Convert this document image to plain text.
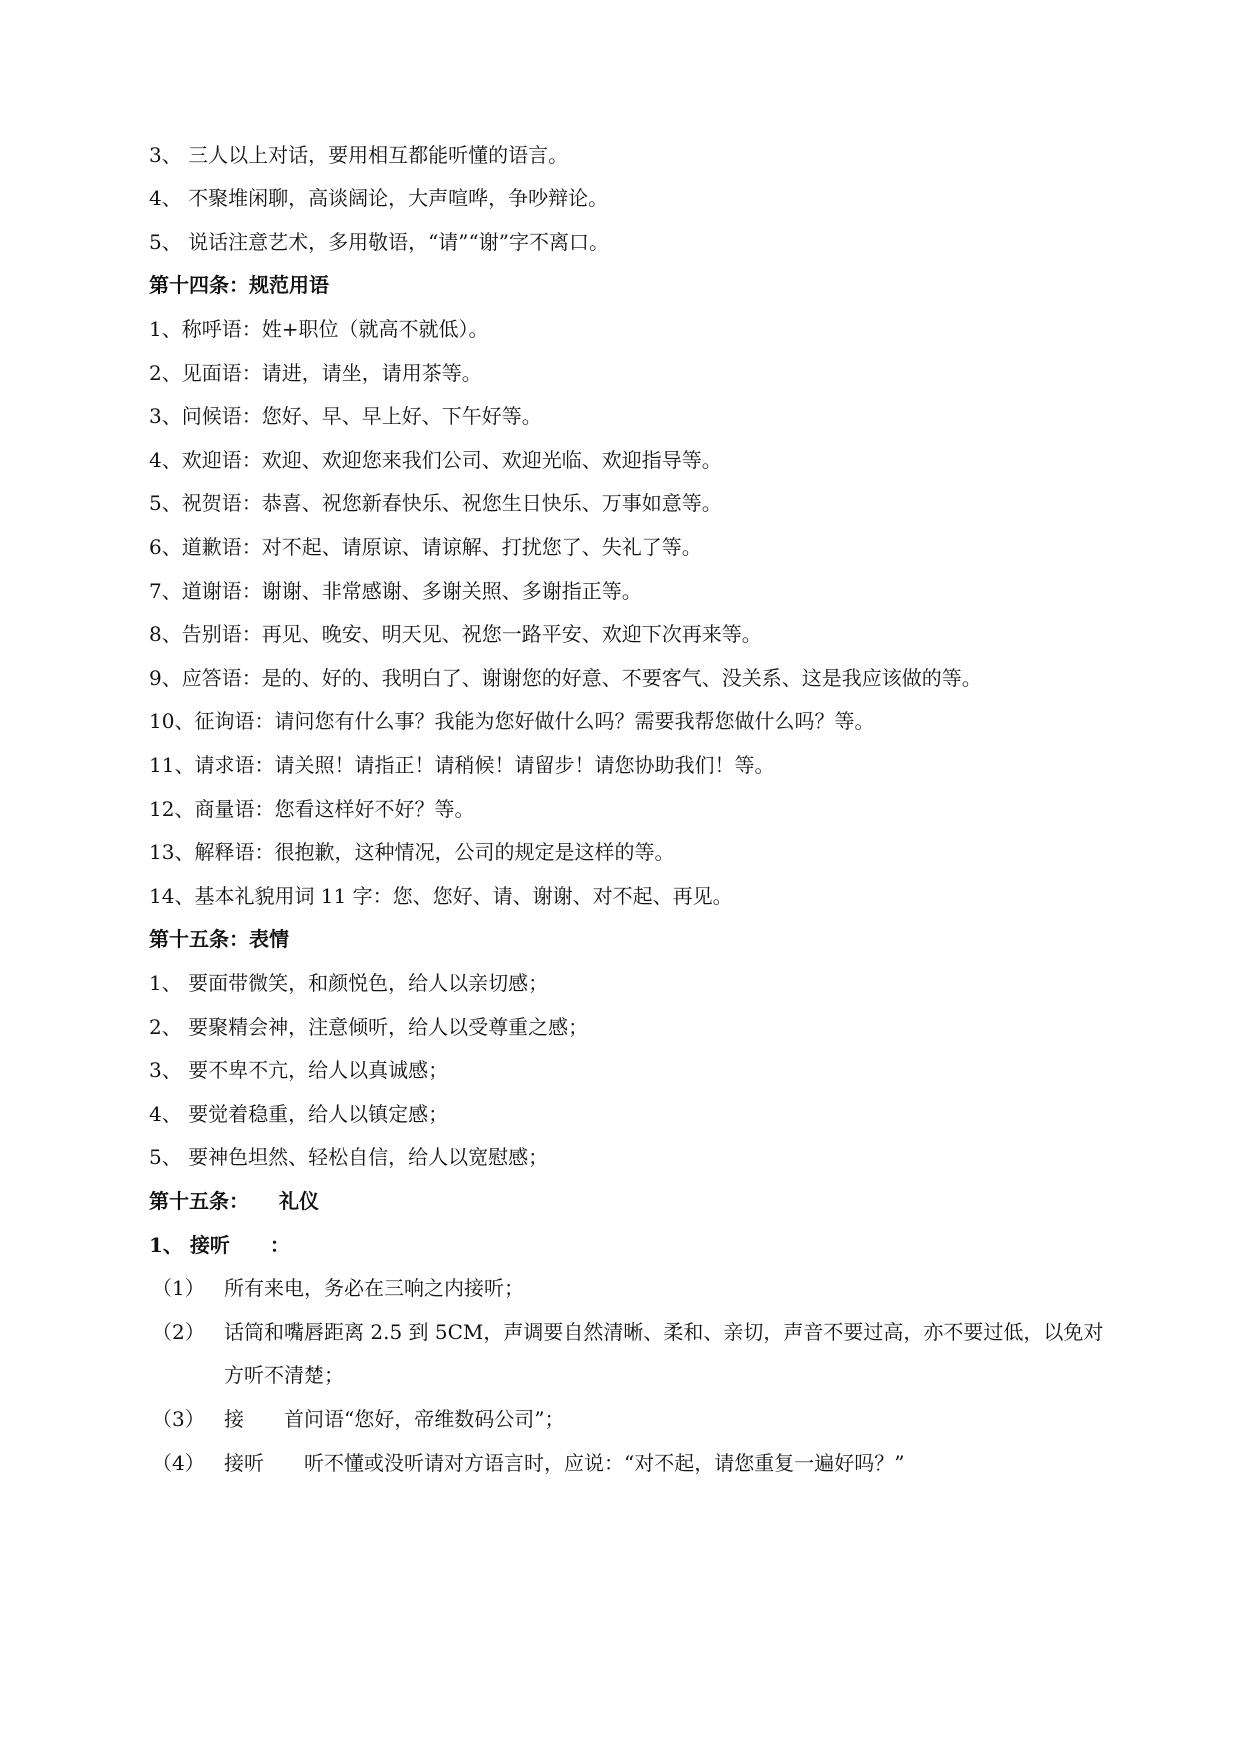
3、 三人以上对话，要用相互都能听懂的语言。
4、 不聚堆闲聊，高谈阔论，大声喧哗，争吵辩论。
5、 说话注意艺术，多用敬语，“请”“谢”字不离口。
第十四条：规范用语
1、称呼语：姓+职位（就高不就低）。
2、见面语：请进，请坐，请用茶等。
3、问候语：您好、早、早上好、下午好等。
4、欢迎语：欢迎、欢迎您来我们公司、欢迎光临、欢迎指导等。
5、祝贺语：恭喜、祝您新春快乐、祝您生日快乐、万事如意等。
6、道歉语：对不起、请原谅、请谅解、打扰您了、失礼了等。
7、道谢语：谢谢、非常感谢、多谢关照、多谢指正等。
8、告别语：再见、晚安、明天见、祝您一路平安、欢迎下次再来等。
9、应答语：是的、好的、我明白了、谢谢您的好意、不要客气、没关系、这是我应该做的等。
10、征询语：请问您有什么事？我能为您好做什么吗？需要我帮您做什么吗？等。
11、请求语：请关照！请指正！请稍候！请留步！请您协助我们！等。
12、商量语：您看这样好不好？等。
13、解释语：很抱歉，这种情况，公司的规定是这样的等。
14、基本礼貌用词 11 字：您、您好、请、谢谢、对不起、再见。
第十五条：表情
1、 要面带微笑，和颜悦色，给人以亲切感；
2、 要聚精会神，注意倾听，给人以受尊重之感；
3、 要不卑不亢，给人以真诚感；
4、 要觉着稳重，给人以镇定感；
5、 要神色坦然、轻松自信，给人以宽慰感；
第十五条：　　礼仪
1、 接听　　：
（1） 所有来电，务必在三响之内接听；
（2） 话筒和嘴唇距离 2.5 到 5CM，声调要自然清晰、柔和、亲切，声音不要过高，亦不要过低，以免对
方听不清楚；
（3） 接　　首问语“您好，帝维数码公司”；
（4） 接听　　听不懂或没听请对方语言时，应说：“对不起，请您重复一遍好吗？”
